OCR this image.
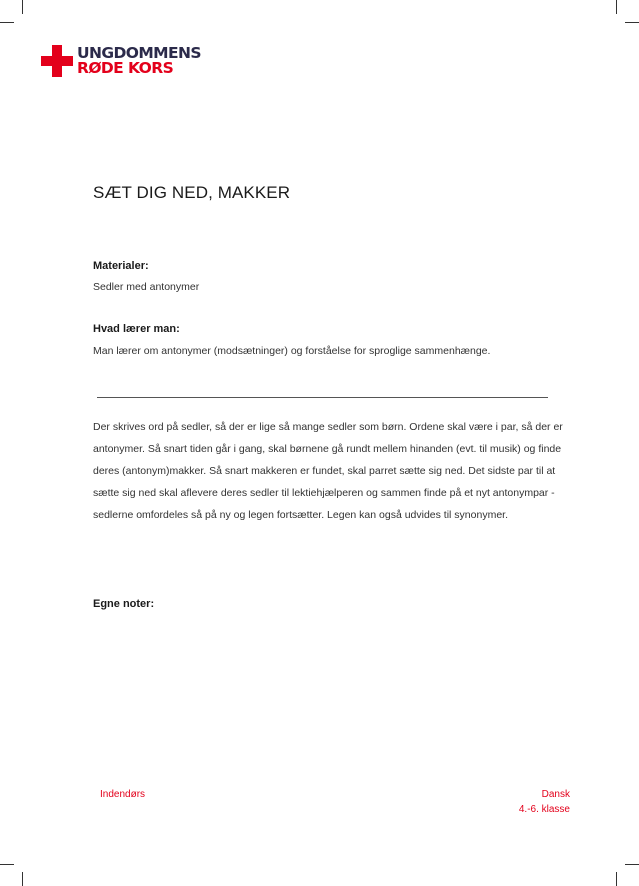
UNGDOMMENS
RØDE KORS
SÆT DIG NED, MAKKER
Materialer:
Sedler med antonymer
Hvad lærer man:
Man lærer om antonymer (modsætninger) og forståelse for sproglige sammenhænge.
Der skrives ord på sedler, så der er lige så mange sedler som børn. Ordene skal være i par, så der er antonymer. Så snart tiden går i gang, skal børnene gå rundt mellem hinanden (evt. til musik) og finde deres (antonym)makker. Så snart makkeren er fundet, skal parret sætte sig ned. Det sidste par til at sætte sig ned skal aflevere deres sedler til lektiehjælperen og sammen finde på et nyt antonympar - sedlerne omfordeles så på ny og legen fortsætter. Legen kan også udvides til synonymer.
Egne noter:
Indendørs	Dansk
4.-6. klasse
